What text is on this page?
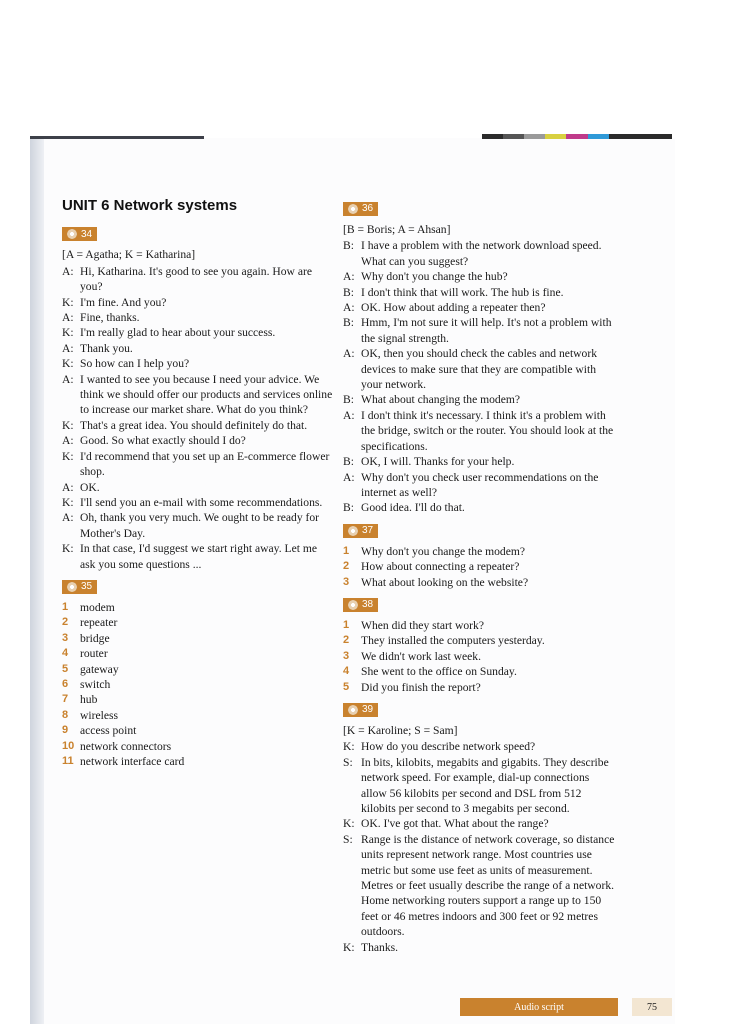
UNIT 6 Network systems
34
[A = Agatha; K = Katharina]
A: Hi, Katharina. It's good to see you again. How are you?
K: I'm fine. And you?
A: Fine, thanks.
K: I'm really glad to hear about your success.
A: Thank you.
K: So how can I help you?
A: I wanted to see you because I need your advice. We think we should offer our products and services online to increase our market share. What do you think?
K: That's a great idea. You should definitely do that.
A: Good. So what exactly should I do?
K: I'd recommend that you set up an E-commerce flower shop.
A: OK.
K: I'll send you an e-mail with some recommendations.
A: Oh, thank you very much. We ought to be ready for Mother's Day.
K: In that case, I'd suggest we start right away. Let me ask you some questions ...
35
1	modem
2	repeater
3	bridge
4	router
5	gateway
6	switch
7	hub
8	wireless
9	access point
10 network connectors
11 network interface card
36
[B = Boris; A = Ahsan]
B: I have a problem with the network download speed. What can you suggest?
A: Why don't you change the hub?
B: I don't think that will work. The hub is fine.
A: OK. How about adding a repeater then?
B: Hmm, I'm not sure it will help. It's not a problem with the signal strength.
A: OK, then you should check the cables and network devices to make sure that they are compatible with your network.
B: What about changing the modem?
A: I don't think it's necessary. I think it's a problem with the bridge, switch or the router. You should look at the specifications.
B: OK, I will. Thanks for your help.
A: Why don't you check user recommendations on the internet as well?
B: Good idea. I'll do that.
37
1	Why don't you change the modem?
2	How about connecting a repeater?
3	What about looking on the website?
38
1	When did they start work?
2	They installed the computers yesterday.
3	We didn't work last week.
4	She went to the office on Sunday.
5	Did you finish the report?
39
[K = Karoline; S = Sam]
K: How do you describe network speed?
S: In bits, kilobits, megabits and gigabits. They describe network speed. For example, dial-up connections allow 56 kilobits per second and DSL from 512 kilobits per second to 3 megabits per second.
K: OK. I've got that. What about the range?
S: Range is the distance of network coverage, so distance units represent network range. Most countries use metric but some use feet as units of measurement. Metres or feet usually describe the range of a network. Home networking routers support a range up to 150 feet or 46 metres indoors and 300 feet or 92 metres outdoors.
K: Thanks.
Audio script	75
